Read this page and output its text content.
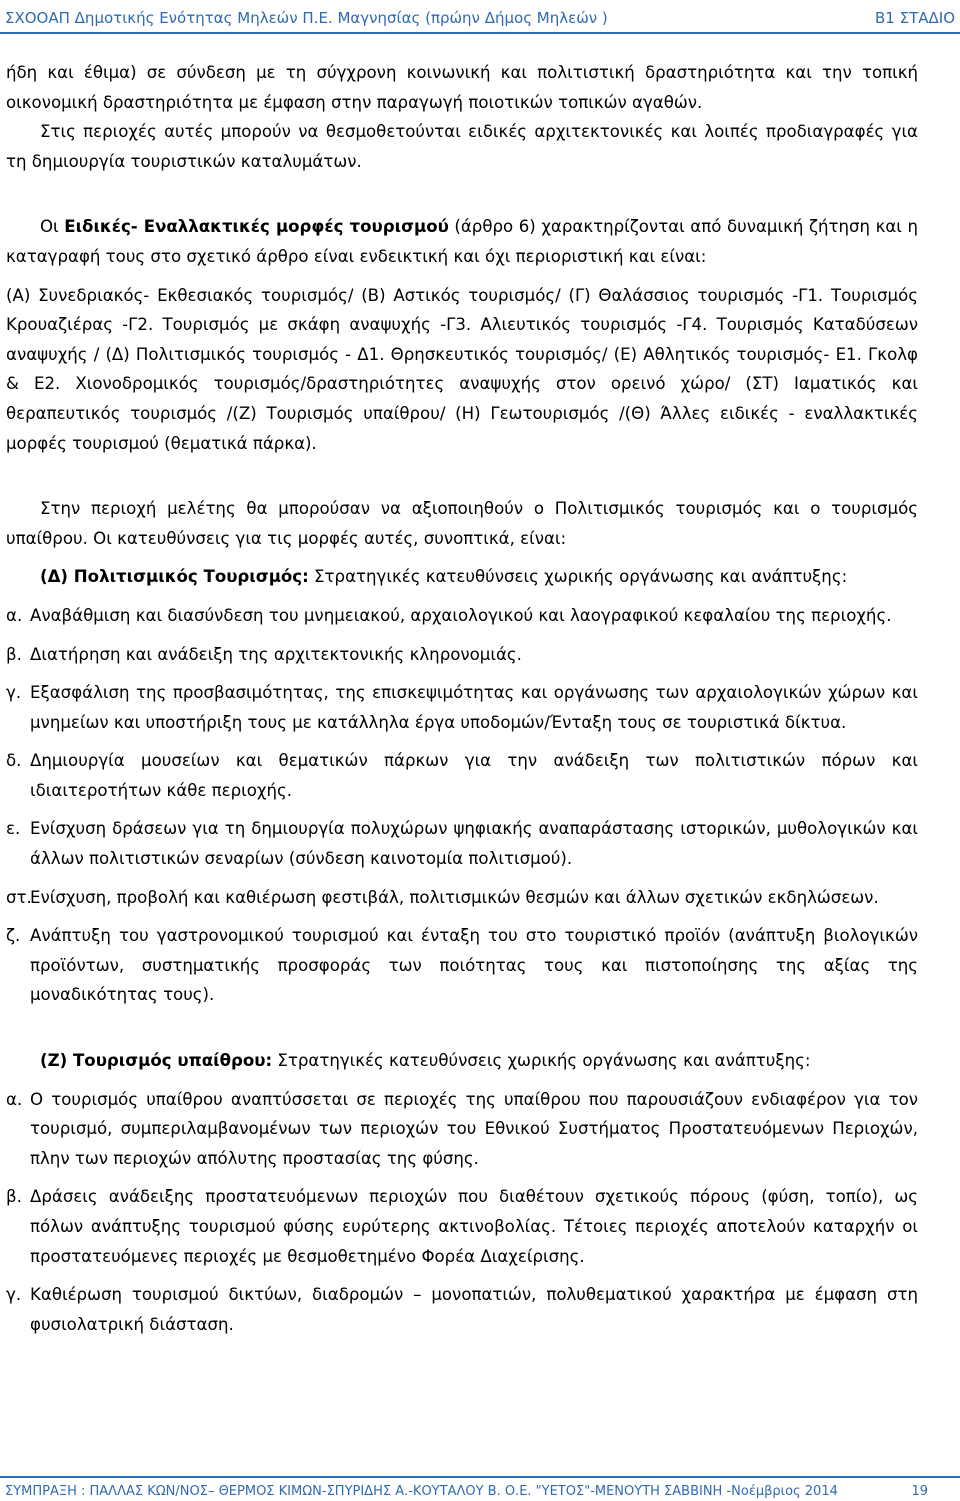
ΣΧΟΟΑΠ Δημοτικής Ενότητας Μηλεών Π.Ε. Μαγνησίας (πρώην Δήμος Μηλεών )	Β1 ΣΤΑΔΙΟ

ήδη και έθιμα) σε σύνδεση με τη σύγχρονη κοινωνική και πολιτιστική δραστηριότητα και την τοπική οικονομική δραστηριότητα με έμφαση στην παραγωγή ποιοτικών τοπικών αγαθών.

Στις περιοχές αυτές μπορούν να θεσμοθετούνται ειδικές αρχιτεκτονικές και λοιπές προδιαγραφές για τη δημιουργία τουριστικών καταλυμάτων.

Οι Ειδικές- Εναλλακτικές μορφές τουρισμού (άρθρο 6) χαρακτηρίζονται από δυναμική ζήτηση και η καταγραφή τους στο σχετικό άρθρο είναι ενδεικτική και όχι περιοριστική και είναι:

(Α) Συνεδριακός- Εκθεσιακός τουρισμός/ (Β) Αστικός τουρισμός/ (Γ) Θαλάσσιος τουρισμός -Γ1. Τουρισμός Κρουαζιέρας -Γ2. Τουρισμός με σκάφη αναψυχής -Γ3. Αλιευτικός τουρισμός -Γ4. Τουρισμός Καταδύσεων αναψυχής / (Δ) Πολιτισμικός τουρισμός - Δ1. Θρησκευτικός τουρισμός/ (Ε) Αθλητικός τουρισμός- Ε1. Γκολφ & Ε2. Χιονοδρομικός τουρισμός/δραστηριότητες αναψυχής στον ορεινό χώρο/ (ΣΤ) Ιαματικός και θεραπευτικός τουρισμός /(Ζ) Τουρισμός υπαίθρου/ (Η) Γεωτουρισμός /(Θ) Άλλες ειδικές - εναλλακτικές μορφές τουρισμού (θεματικά πάρκα).

Στην περιοχή μελέτης θα μπορούσαν να αξιοποιηθούν ο Πολιτισμικός τουρισμός και ο τουρισμός υπαίθρου. Οι κατευθύνσεις για τις μορφές αυτές, συνοπτικά, είναι:

(Δ) Πολιτισμικός Τουρισμός: Στρατηγικές κατευθύνσεις χωρικής οργάνωσης και ανάπτυξης:

α. Αναβάθμιση και διασύνδεση του μνημειακού, αρχαιολογικού και λαογραφικού κεφαλαίου της περιοχής.

β. Διατήρηση και ανάδειξη της αρχιτεκτονικής κληρονομιάς.

γ. Εξασφάλιση της προσβασιμότητας, της επισκεψιμότητας και οργάνωσης των αρχαιολογικών χώρων και μνημείων και υποστήριξη τους με κατάλληλα έργα υποδομών/Ένταξη τους σε τουριστικά δίκτυα.

δ. Δημιουργία μουσείων και θεματικών πάρκων για την ανάδειξη των πολιτιστικών πόρων και ιδιαιτεροτήτων κάθε περιοχής.

ε. Ενίσχυση δράσεων για τη δημιουργία πολυχώρων ψηφιακής αναπαράστασης ιστορικών, μυθολογικών και άλλων πολιτιστικών σεναρίων (σύνδεση καινοτομία πολιτισμού).

στ.Ενίσχυση, προβολή και καθιέρωση φεστιβάλ, πολιτισμικών θεσμών και άλλων σχετικών εκδηλώσεων.

ζ. Ανάπτυξη του γαστρονομικού τουρισμού και ένταξη του στο τουριστικό προϊόν (ανάπτυξη βιολογικών προϊόντων, συστηματικής προσφοράς των ποιότητας τους και πιστοποίησης της αξίας της μοναδικότητας τους).

(Ζ) Τουρισμός υπαίθρου: Στρατηγικές κατευθύνσεις χωρικής οργάνωσης και ανάπτυξης:

α. Ο τουρισμός υπαίθρου αναπτύσσεται σε περιοχές της υπαίθρου που παρουσιάζουν ενδιαφέρον για τον τουρισμό, συμπεριλαμβανομένων των περιοχών του Εθνικού Συστήματος Προστατευόμενων Περιοχών, πλην των περιοχών απόλυτης προστασίας της φύσης.

β. Δράσεις ανάδειξης προστατευόμενων περιοχών που διαθέτουν σχετικούς πόρους (φύση, τοπίο), ως πόλων ανάπτυξης τουρισμού φύσης ευρύτερης ακτινοβολίας. Τέτοιες περιοχές αποτελούν καταρχήν οι προστατευόμενες περιοχές με θεσμοθετημένο Φορέα Διαχείρισης.

γ. Καθιέρωση τουρισμού δικτύων, διαδρομών – μονοπατιών, πολυθεματικού χαρακτήρα με έμφαση στη φυσιολατρική διάσταση.

ΣΥΜΠΡΑΞΗ : ΠΑΛΛΑΣ ΚΩΝ/ΝΟΣ– ΘΕΡΜΟΣ ΚΙΜΩΝ-ΣΠΥΡΙΔΗΣ Α.-ΚΟΥΤΑΛΟΥ Β. Ο.Ε. "ΥΕΤΟΣ"-ΜΕΝΟΥΤΗ ΣΑΒΒΙΝΗ -Νοέμβριος 2014	19
